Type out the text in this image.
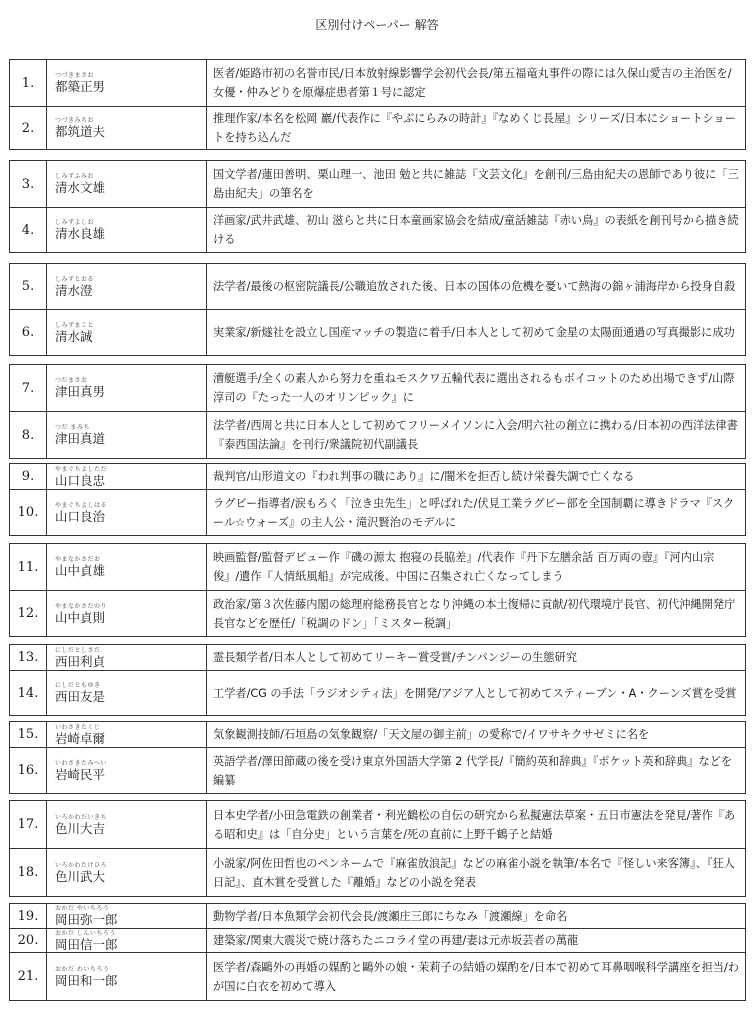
区別付けペーパー 解答
1.	つづきまさお
都築正男
医者/姫路市初の名誉市民/日本放射線影響学会初代会長/第五福竜丸事件の際には久保山愛吉の主治医を/女優・仲みどりを原爆症患者第１号に認定
2.	つづきみちお
都筑道夫
推理作家/本名を松岡 巖/代表作に『やぶにらみの時計』『なめくじ長屋』シリーズ/日本にショートショートを持ち込んだ
3.	しみずふみお
清水文雄
国文学者/蓮田善明、栗山理一、池田 勉と共に雑誌『文芸文化』を創刊/三島由紀夫の恩師であり彼に「三島由紀夫」の筆名を
4.	しみずよしお
清水良雄
洋画家/武井武雄、初山 滋らと共に日本童画家協会を結成/童話雑誌『赤い鳥』の表紙を創刊号から描き続ける
5.	しみずとおる
清水澄	法学者/最後の枢密院議長/公職追放された後、日本の国体の危機を憂いて熱海の錦ヶ浦海岸から投身自殺
6.	しみずまこと
清水誠	実業家/新燧社を設立し国産マッチの製造に着手/日本人として初めて金星の太陽面通過の写真撮影に成功
7.	つだまさお
津田真男
漕艇選手/全くの素人から努力を重ねモスクワ五輪代表に選出されるもボイコットのため出場できず/山際淳司の『たった一人のオリンピック』に
8.	つだ まみち
津田真道
法学者/西周と共に日本人として初めてフリーメイソンに入会/明六社の創立に携わる/日本初の西洋法律書『泰西国法論』を刊行/衆議院初代副議長
9.	やまぐちよしただ
山口良忠	裁判官/山形道文の『われ判事の職にあり』に/闇米を拒否し続け栄養失調で亡くなる
10.	やまぐちよしはる
山口良治
ラグビー指導者/涙もろく「泣き虫先生」と呼ばれた/伏見工業ラグビー部を全国制覇に導きドラマ『スクール☆ウォーズ』の主人公・滝沢賢治のモデルに
11.	やまなかさだお
山中貞雄
映画監督/監督デビュー作『磯の源太 抱寝の長脇差』/代表作『丹下左膳余話 百万両の壺』『河内山宗俊』/遺作『人情紙風船』が完成後、中国に召集され亡くなってしまう
12.	やまなかさだのり
山中貞則
政治家/第３次佐藤内閣の総理府総務長官となり沖縄の本土復帰に貢献/初代環境庁長官、初代沖縄開発庁長官などを歴任/「税調のドン」「ミスター税調」
13.	にしだとしさだ
西田利貞	霊長類学者/日本人として初めてリーキー賞受賞/チンパンジーの生態研究
14.	にしだともゆき
西田友是	工学者/CG の手法「ラジオシティ法」を開発/アジア人として初めてスティーブン・A・クーンズ賞を受賞
15.	いわさきたくじ
岩崎卓爾	気象観測技師/石垣島の気象観察/「天文屋の御主前」の愛称で/イワサキクサゼミに名を
16.	いわさきたみへい
岩崎民平
英語学者/澤田節蔵の後を受け東京外国語大学第 2 代学長/『簡約英和辞典』『ポケット英和辞典』などを編纂
17.	いろかわだいきち
色川大吉
日本史学者/小田急電鉄の創業者・利光鶴松の自伝の研究から私擬憲法草案・五日市憲法を発見/著作『ある昭和史』は「自分史」という言葉を/死の直前に上野千鶴子と結婚
18.	いろかわたけひろ
色川武大
小説家/阿佐田哲也のペンネームで『麻雀放浪記』などの麻雀小説を執筆/本名で『怪しい来客簿』、『狂人日記』、直木賞を受賞した『離婚』などの小説を発表
19.	おかだ やいちろう
岡田弥一郎	動物学者/日本魚類学会初代会長/渡瀬庄三郎にちなみ「渡瀬線」を命名
20.	おかだ しんいちろう
岡田信一郎	建築家/関東大震災で焼け落ちたニコライ堂の再建/妻は元赤坂芸者の萬龍
21.	おかだ わいちろう
岡田和一郎
医学者/森鷗外の再婚の媒酌と鷗外の娘・茉莉子の結婚の媒酌を/日本で初めて耳鼻咽喉科学講座を担当/わが国に白衣を初めて導入
